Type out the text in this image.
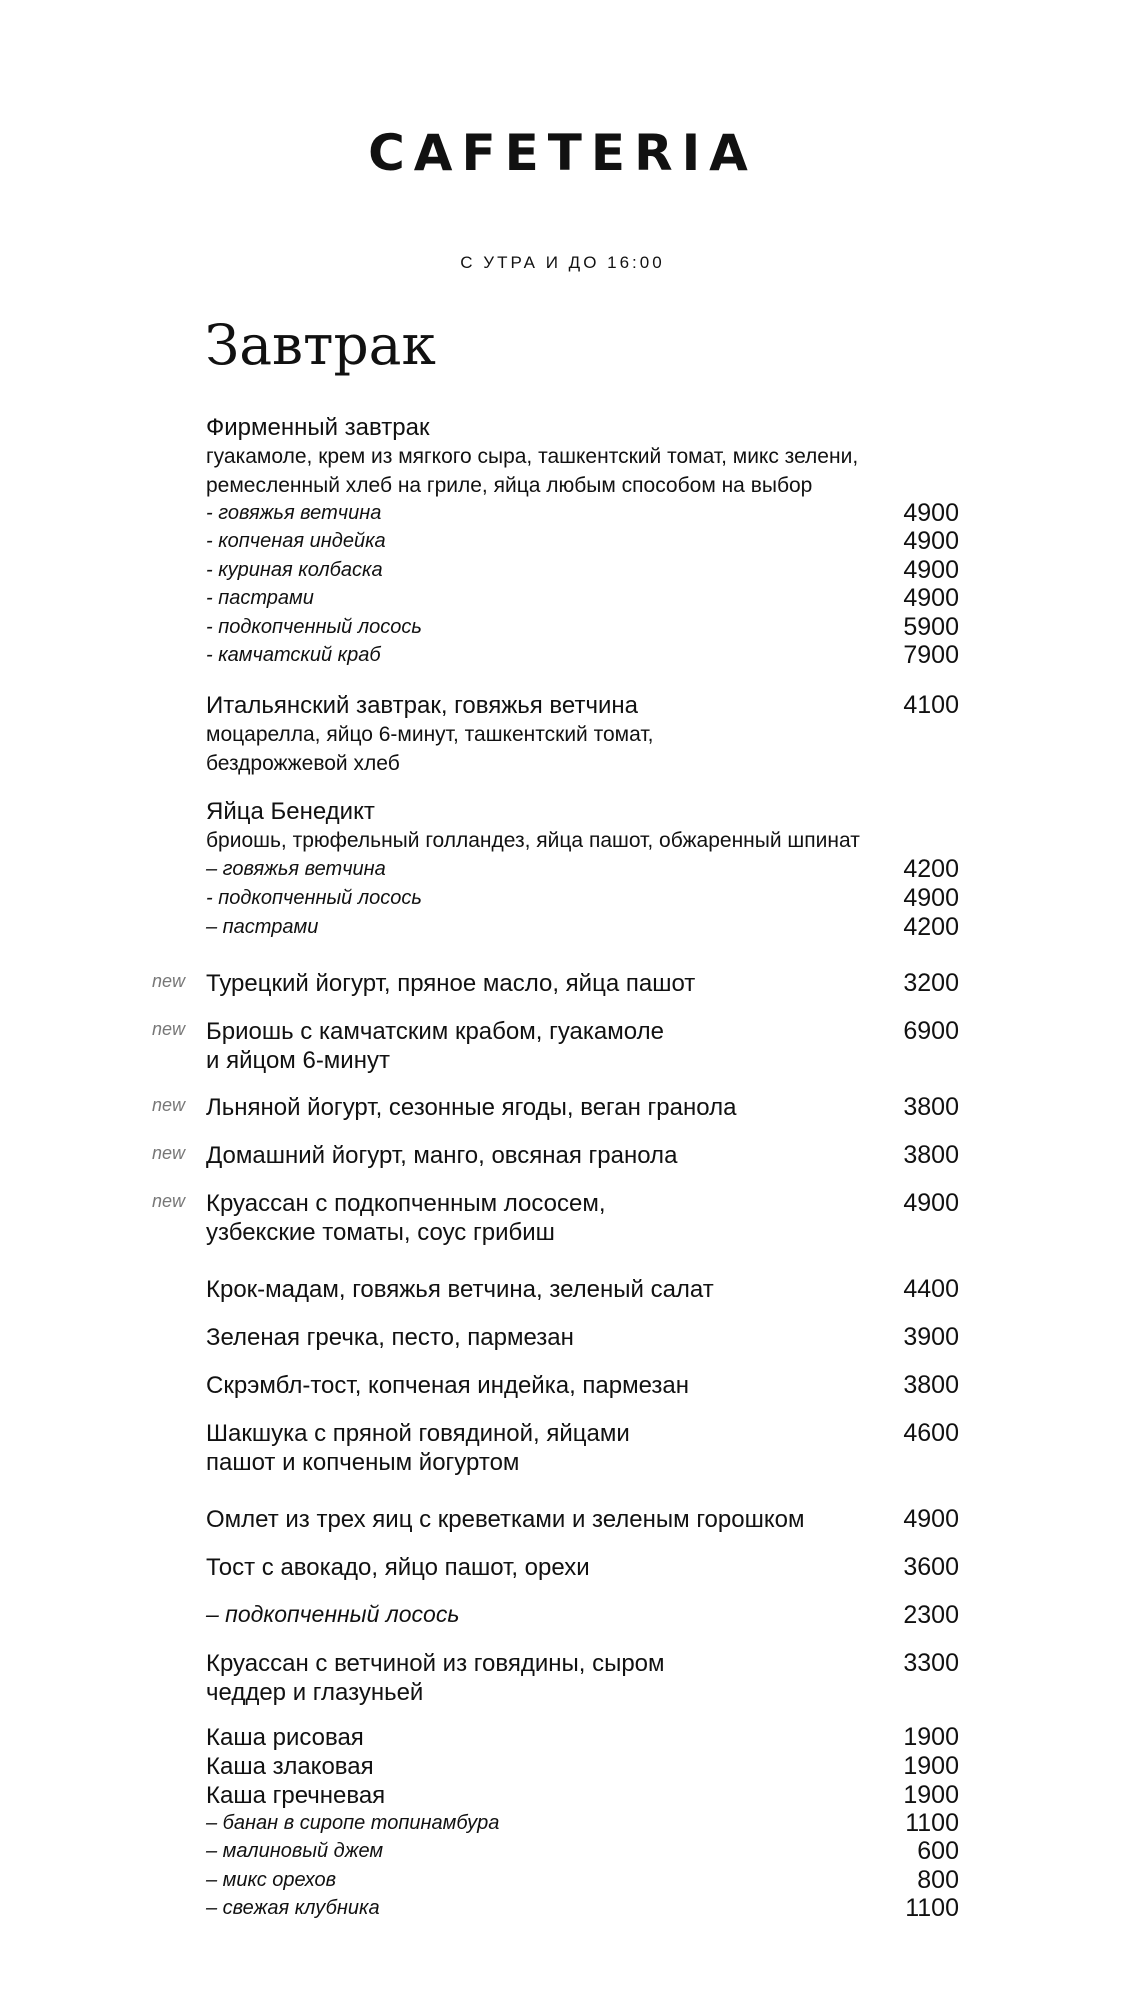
CAFETERIA
С УТРА И ДО 16:00
Завтрак
Фирменный завтрак
гуакамоле, крем из мягкого сыра, ташкентский томат, микс зелени,
ремесленный хлеб на гриле, яйца любым способом на выбор
- говяжья ветчина	4900
- копченая индейка	4900
- куриная колбаска	4900
- пастрами	4900
- подкопченный лосось	5900
- камчатский краб	7900
Итальянский завтрак, говяжья ветчина	4100
моцарелла, яйцо 6-минут, ташкентский томат,
бездрожжевой хлеб
Яйца Бенедикт
бриошь, трюфельный голландез, яйца пашот, обжаренный шпинат
– говяжья ветчина	4200
- подкопченный лосось	4900
– пастрами	4200
new Турецкий йогурт, пряное масло, яйца пашот	3200
new Бриошь с камчатским крабом, гуакамоле
и яйцом 6-минут
6900
new Льняной йогурт, сезонные ягоды, веган гранола	3800
new Домашний йогурт, манго, овсяная гранола	3800
new Круассан с подкопченным лососем,
узбекские томаты, соус грибиш
4900
Крок-мадам, говяжья ветчина, зеленый салат	4400
Зеленая гречка, песто, пармезан	3900
Скрэмбл-тост, копченая индейка, пармезан	3800
Шакшука с пряной говядиной, яйцами
пашот и копченым йогуртом
4600
Омлет из трех яиц с креветками и зеленым горошком	4900
Тост с авокадо, яйцо пашот, орехи	3600
– подкопченный лосось	2300
Круассан с ветчиной из говядины, сыром
чеддер и глазуньей
3300
Каша рисовая	1900
Каша злаковая	1900
Каша гречневая	1900
– банан в сиропе топинамбура	1100
– малиновый джем	600
– микс орехов	800
– свежая клубника	1100
